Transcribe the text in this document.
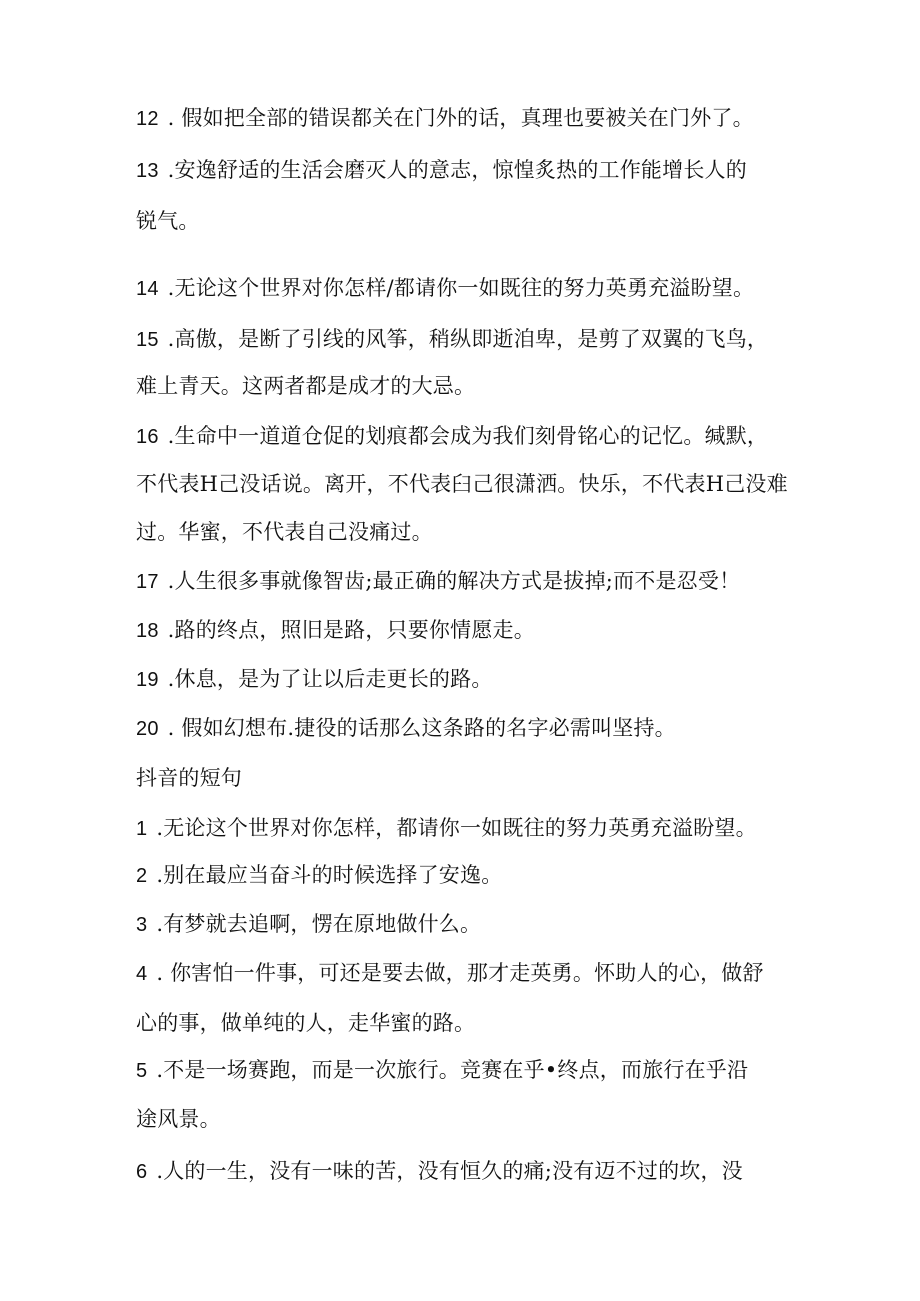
12 . 假如把全部的错误都关在门外的话，真理也要被关在门外了。
13 .安逸舒适的生活会磨灭人的意志，惊惶炙热的工作能增长人的
锐气。
14 .无论这个世界对你怎样/都请你一如既往的努力英勇充溢盼望。
15 .高傲，是断了引线的风筝，稍纵即逝洎卑，是剪了双翼的飞鸟，
难上青天。这两者都是成才的大忌。
16 .生命中一道道仓促的划痕都会成为我们刻骨铭心的记忆。缄默，
不代表H己没话说。离开，不代表臼己很潇洒。快乐，不代表H己没难
过。华蜜，不代表自己没痛过。
17 .人生很多事就像智齿;最正确的解决方式是拔掉;而不是忍受！
18 .路的终点，照旧是路，只要你情愿走。
19 .休息，是为了让以后走更长的路。
20 . 假如幻想布.捷役的话那么这条路的名字必需叫坚持。
抖音的短句
1 .无论这个世界对你怎样，都请你一如既往的努力英勇充溢盼望。
2 .别在最应当奋斗的时候选择了安逸。
3 .有梦就去追啊，愣在原地做什么。
4 . 你害怕一件事，可还是要去做，那才走英勇。怀助人的心，做舒
心的事，做单纯的人，走华蜜的路。
5 .不是一场赛跑，而是一次旅行。竞赛在乎•终点，而旅行在乎沿
途风景。
6 .人的一生，没有一味的苦，没有恒久的痛;没有迈不过的坎，没
